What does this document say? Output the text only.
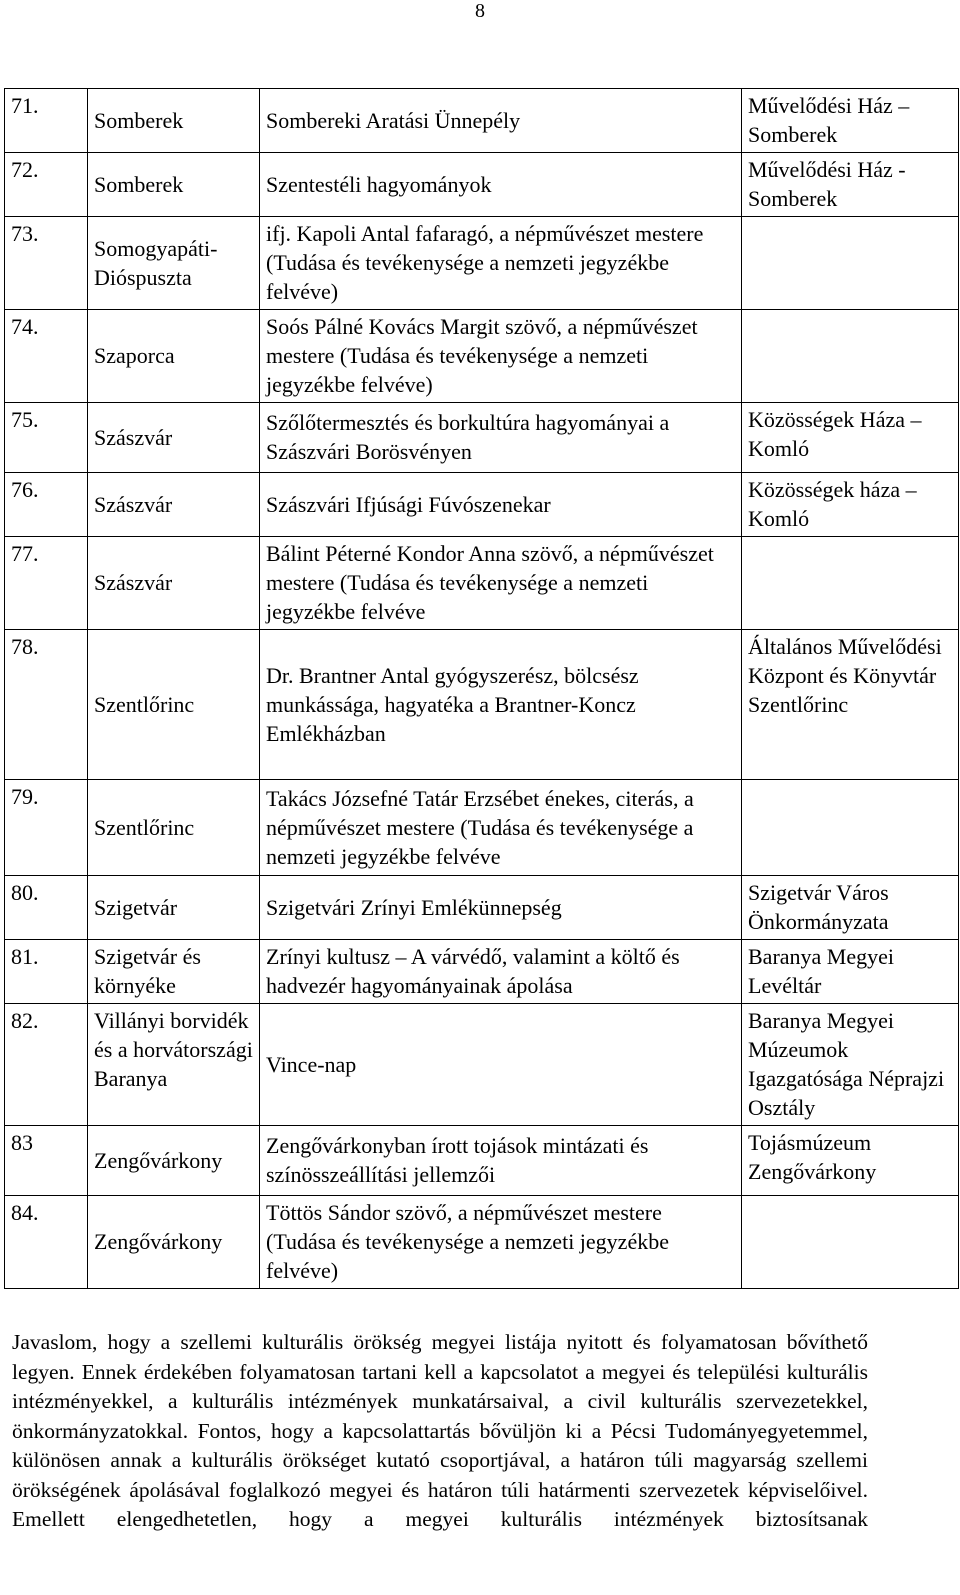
8
71.	Somberek	Sombereki Aratási Ünnepély	Művelődési Ház – Somberek
72.	Somberek	Szentestéli hagyományok	Művelődési Ház - Somberek
73.	Somogyapáti-Dióspuszta	ifj. Kapoli Antal fafaragó, a népművészet mestere (Tudása és tevékenysége a nemzeti jegyzékbe felvéve)	
74.	Szaporca	Soós Pálné Kovács Margit szövő, a népművészet mestere (Tudása és tevékenysége a nemzeti jegyzékbe felvéve)	
75.	Szászvár	Szőlőtermesztés és borkultúra hagyományai a Szászvári Borösvényen	Közösségek Háza – Komló
76.	Szászvár	Szászvári Ifjúsági Fúvószenekar	Közösségek háza – Komló
77.	Szászvár	Bálint Péterné Kondor Anna szövő, a népművészet mestere (Tudása és tevékenysége a nemzeti jegyzékbe felvéve	
78.	Szentlőrinc	Dr. Brantner Antal gyógyszerész, bölcsész munkássága, hagyatéka a Brantner-Koncz Emlékházban	Általános Művelődési Központ és Könyvtár Szentlőrinc
79.	Szentlőrinc	Takács Józsefné Tatár Erzsébet énekes, citerás, a népművészet mestere (Tudása és tevékenysége a nemzeti jegyzékbe felvéve	
80.	Szigetvár	Szigetvári Zrínyi Emlékünnepség	Szigetvár Város Önkormányzata
81.	Szigetvár és környéke	Zrínyi kultusz – A várvédő, valamint a költő és hadvezér hagyományainak ápolása	Baranya Megyei Levéltár
82.	Villányi borvidék és a horvátországi Baranya	Vince-nap	Baranya Megyei Múzeumok Igazgatósága Néprajzi Osztály
83	Zengővárkony	Zengővárkonyban írott tojások mintázati és színösszeállítási jellemzői	Tojásmúzeum Zengővárkony
84.	Zengővárkony	Töttös Sándor szövő, a népművészet mestere (Tudása és tevékenysége a nemzeti jegyzékbe felvéve)	
Javaslom, hogy a szellemi kulturális örökség megyei listája nyitott és folyamatosan bővíthető legyen. Ennek érdekében folyamatosan tartani kell a kapcsolatot a megyei és települési kulturális intézményekkel, a kulturális intézmények munkatársaival, a civil kulturális szervezetekkel, önkormányzatokkal. Fontos, hogy a kapcsolattartás bővüljön ki a Pécsi Tudományegyetemmel, különösen annak a kulturális örökséget kutató csoportjával, a határon túli magyarság szellemi örökségének ápolásával foglalkozó megyei és határon túli határmenti szervezetek képviselőivel. Emellett elengedhetetlen, hogy a megyei kulturális intézmények biztosítsanak
